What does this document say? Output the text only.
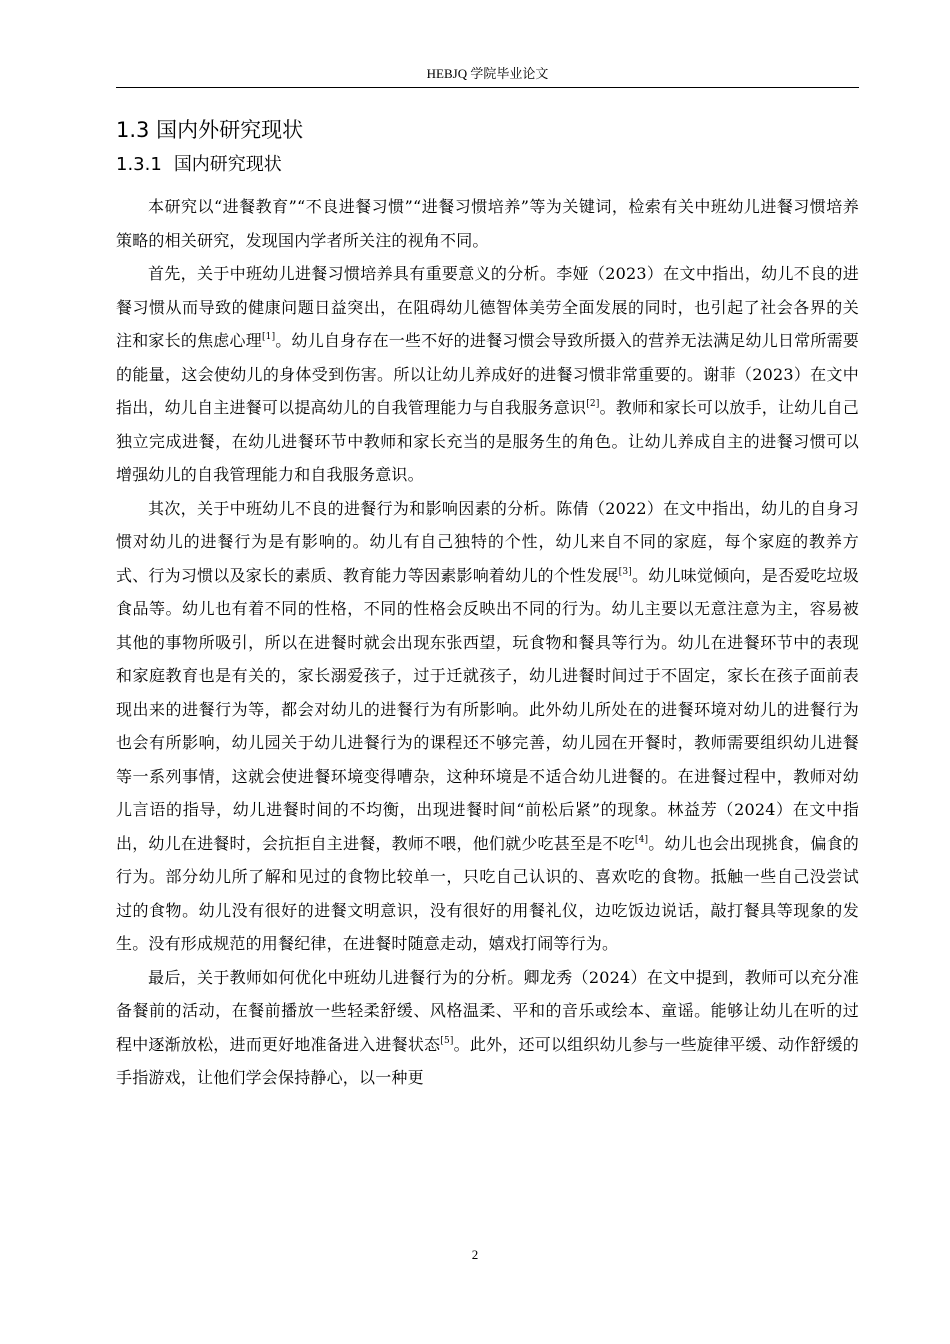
HEBJQ 学院毕业论文
1.3 国内外研究现状
1.3.1 国内研究现状

本研究以“进餐教育”“不良进餐习惯”“进餐习惯培养”等为关键词，检索有关中班幼儿进餐习惯培养策略的相关研究，发现国内学者所关注的视角不同。

首先，关于中班幼儿进餐习惯培养具有重要意义的分析。李娅（2023）在文中指出，幼儿不良的进餐习惯从而导致的健康问题日益突出，在阻碍幼儿德智体美劳全面发展的同时，也引起了社会各界的关注和家长的焦虑心理[1]。幼儿自身存在一些不好的进餐习惯会导致所摄入的营养无法满足幼儿日常所需要的能量，这会使幼儿的身体受到伤害。所以让幼儿养成好的进餐习惯非常重要的。谢菲（2023）在文中指出，幼儿自主进餐可以提高幼儿的自我管理能力与自我服务意识[2]。教师和家长可以放手，让幼儿自己独立完成进餐，在幼儿进餐环节中教师和家长充当的是服务生的角色。让幼儿养成自主的进餐习惯可以增强幼儿的自我管理能力和自我服务意识。

其次，关于中班幼儿不良的进餐行为和影响因素的分析。陈倩（2022）在文中指出，幼儿的自身习惯对幼儿的进餐行为是有影响的。幼儿有自己独特的个性，幼儿来自不同的家庭，每个家庭的教养方式、行为习惯以及家长的素质、教育能力等因素影响着幼儿的个性发展[3]。幼儿味觉倾向，是否爱吃垃圾食品等。幼儿也有着不同的性格，不同的性格会反映出不同的行为。幼儿主要以无意注意为主，容易被其他的事物所吸引，所以在进餐时就会出现东张西望，玩食物和餐具等行为。幼儿在进餐环节中的表现和家庭教育也是有关的，家长溺爱孩子，过于迁就孩子，幼儿进餐时间过于不固定，家长在孩子面前表现出来的进餐行为等，都会对幼儿的进餐行为有所影响。此外幼儿所处在的进餐环境对幼儿的进餐行为也会有所影响，幼儿园关于幼儿进餐行为的课程还不够完善，幼儿园在开餐时，教师需要组织幼儿进餐等一系列事情，这就会使进餐环境变得嘈杂，这种环境是不适合幼儿进餐的。在进餐过程中，教师对幼儿言语的指导，幼儿进餐时间的不均衡，出现进餐时间“前松后紧”的现象。林益芳（2024）在文中指出，幼儿在进餐时，会抗拒自主进餐，教师不喂，他们就少吃甚至是不吃[4]。幼儿也会出现挑食，偏食的行为。部分幼儿所了解和见过的食物比较单一，只吃自己认识的、喜欢吃的食物。抵触一些自己没尝试过的食物。幼儿没有很好的进餐文明意识，没有很好的用餐礼仪，边吃饭边说话，敲打餐具等现象的发生。没有形成规范的用餐纪律，在进餐时随意走动，嬉戏打闹等行为。

最后，关于教师如何优化中班幼儿进餐行为的分析。卿龙秀（2024）在文中提到，教师可以充分准备餐前的活动，在餐前播放一些轻柔舒缓、风格温柔、平和的音乐或绘本、童谣。能够让幼儿在听的过程中逐渐放松，进而更好地准备进入进餐状态[5]。此外，还可以组织幼儿参与一些旋律平缓、动作舒缓的手指游戏，让他们学会保持静心，以一种更

2
